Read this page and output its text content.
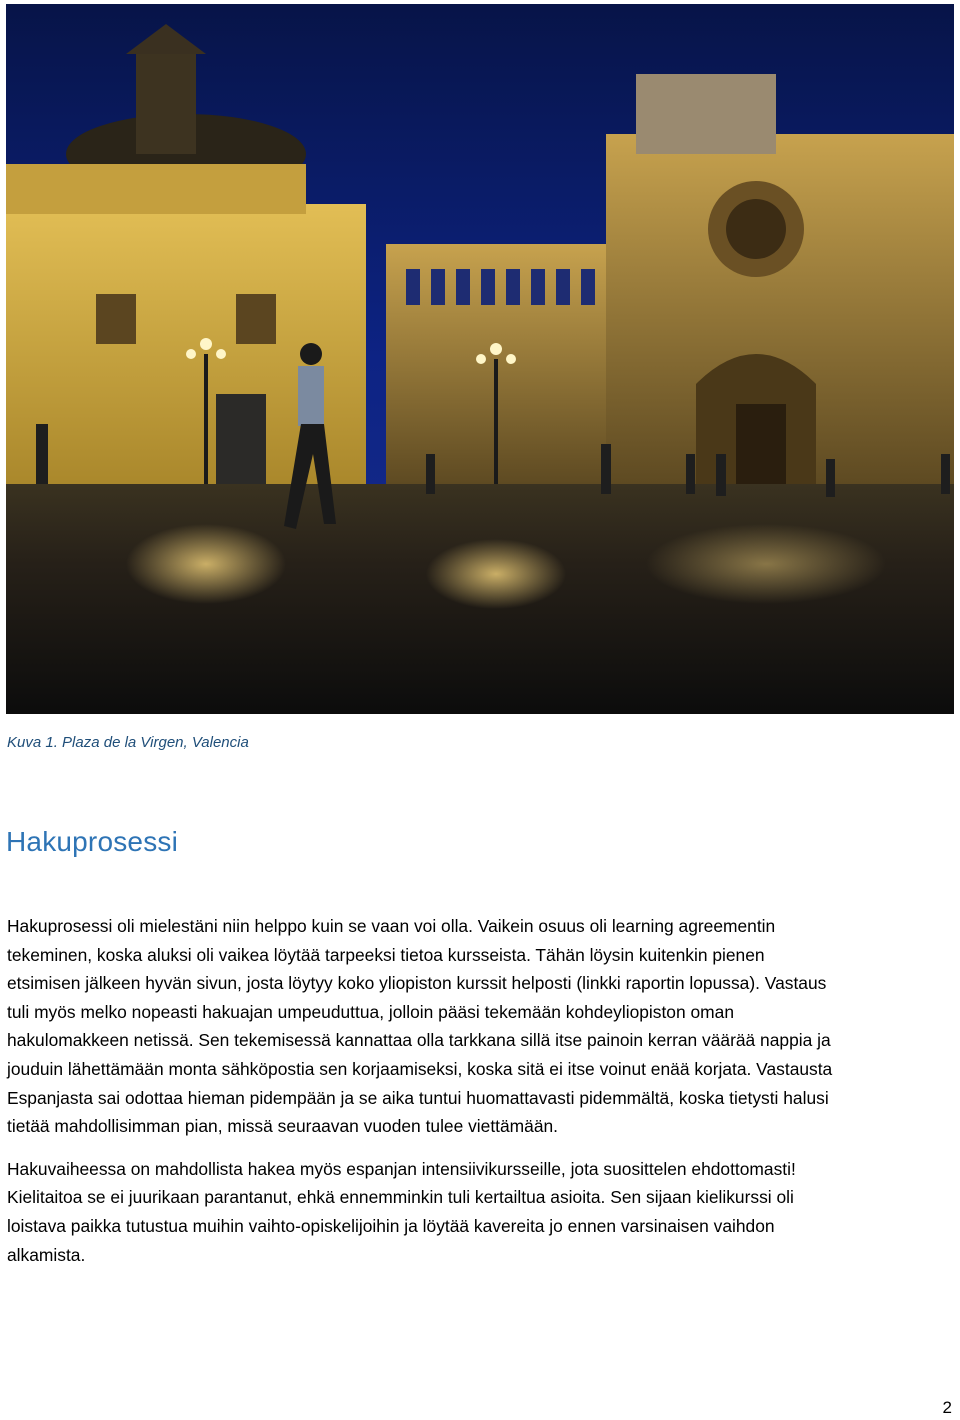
Kuva 1. Plaza de la Virgen, Valencia
Hakuprosessi

Hakuprosessi oli mielestäni niin helppo kuin se vaan voi olla. Vaikein osuus oli learning agreementin
tekeminen, koska aluksi oli vaikea löytää tarpeeksi tietoa kursseista. Tähän löysin kuitenkin pienen
etsimisen jälkeen hyvän sivun, josta löytyy koko yliopiston kurssit helposti (linkki raportin lopussa). Vastaus
tuli myös melko nopeasti hakuajan umpeuduttua, jolloin pääsi tekemään kohdeyliopiston oman
hakulomakkeen netissä. Sen tekemisessä kannattaa olla tarkkana sillä itse painoin kerran väärää nappia ja
jouduin lähettämään monta sähköpostia sen korjaamiseksi, koska sitä ei itse voinut enää korjata. Vastausta
Espanjasta sai odottaa hieman pidempään ja se aika tuntui huomattavasti pidemmältä, koska tietysti halusi
tietää mahdollisimman pian, missä seuraavan vuoden tulee viettämään.

Hakuvaiheessa on mahdollista hakea myös espanjan intensiivikursseille, jota suosittelen ehdottomasti!
Kielitaitoa se ei juurikaan parantanut, ehkä ennemminkin tuli kertailtua asioita. Sen sijaan kielikurssi oli
loistava paikka tutustua muihin vaihto-opiskelijoihin ja löytää kavereita jo ennen varsinaisen vaihdon
alkamista.

2
